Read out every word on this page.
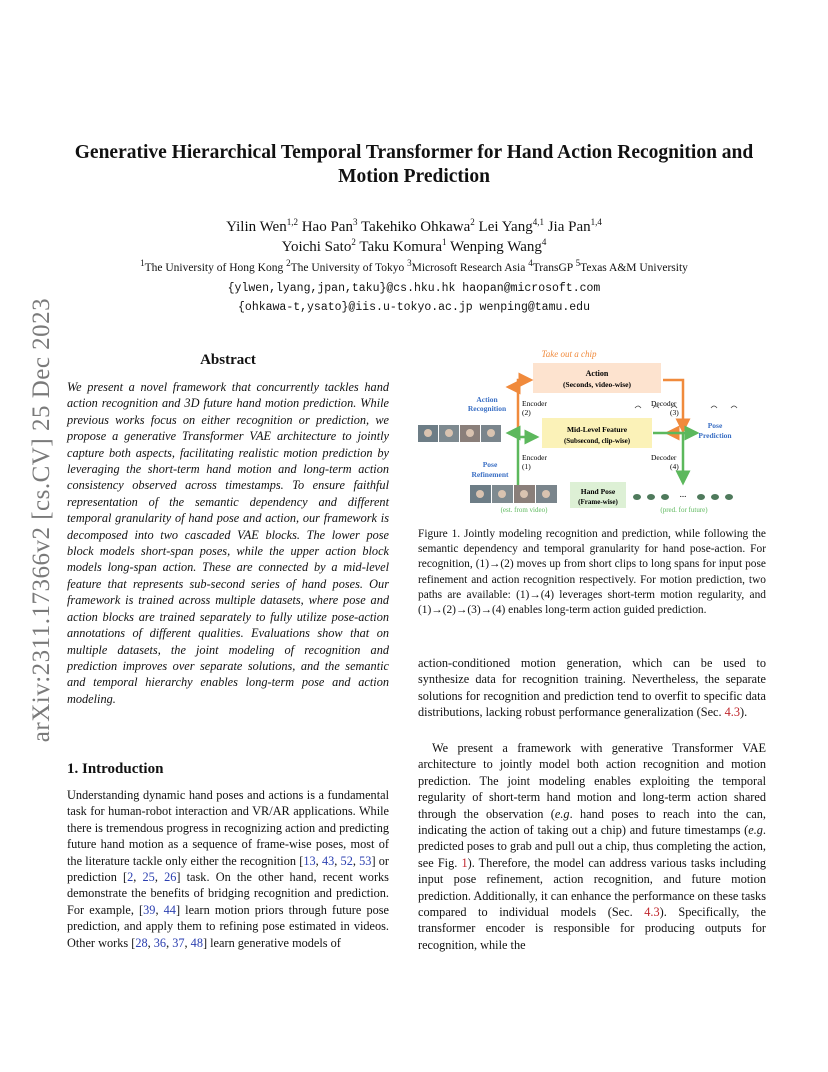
arXiv:2311.17366v2 [cs.CV] 25 Dec 2023
Generative Hierarchical Temporal Transformer for Hand Action Recognition and Motion Prediction
Yilin Wen$^{1,2}$ Hao Pan$^3$ Takehiko Ohkawa$^2$ Lei Yang$^{4,1}$ Jia Pan$^{1,4}$
Yoichi Sato$^2$ Taku Komura$^1$ Wenping Wang$^4$
$^1$The University of Hong Kong $^2$The University of Tokyo $^3$Microsoft Research Asia $^4$TransGP $^5$Texas A&M University
{ylwen,lyang,jpan,taku}@cs.hku.hk haopan@microsoft.com
{ohkawa-t,ysato}@iis.u-tokyo.ac.jp wenping@tamu.edu
Abstract
We present a novel framework that concurrently tackles hand action recognition and 3D future hand motion prediction. While previous works focus on either recognition or prediction, we propose a generative Transformer VAE architecture to jointly capture both aspects, facilitating realistic motion prediction by leveraging the short-term hand motion and long-term action consistency observed across timestamps. To ensure faithful representation of the semantic dependency and different temporal granularity of hand pose and action, our framework is decomposed into two cascaded VAE blocks. The lower pose block models short-span poses, while the upper action block models long-span action. These are connected by a mid-level feature that represents sub-second series of hand poses. Our framework is trained across multiple datasets, where pose and action blocks are trained separately to fully utilize pose-action annotations of different qualities. Evaluations show that on multiple datasets, the joint modeling of recognition and prediction improves over separate solutions, and the semantic and temporal hierarchy enables long-term pose and action modeling.
1. Introduction
Understanding dynamic hand poses and actions is a fundamental task for human-robot interaction and VR/AR applications. While there is tremendous progress in recognizing action and predicting future hand motion as a sequence of frame-wise poses, most of the literature tackle only either the recognition [13, 43, 52, 53] or prediction [2, 25, 26] task. On the other hand, recent works demonstrate the benefits of bridging recognition and prediction. For example, [39, 44] learn motion priors through future pose prediction, and apply them to refining pose estimated in videos. Other works [28, 36, 37, 48] learn generative models of
action-conditioned motion generation, which can be used to synthesize data for recognition training. Nevertheless, the separate solutions for recognition and prediction tend to overfit to specific data distributions, lacking robust performance generalization (Sec. 4.3).
We present a framework with generative Transformer VAE architecture to jointly model both action recognition and motion prediction. The joint modeling enables exploiting the temporal regularity of short-term hand motion and long-term action shared through the observation (e.g. hand poses to reach into the can, indicating the action of taking out a chip) and future timestamps (e.g. predicted poses to grab and pull out a chip, thus completing the action, see Fig. 1). Therefore, the model can address various tasks including input pose refinement, action recognition, and future motion prediction. Additionally, it can enhance the performance on these tasks compared to individual models (Sec. 4.3). Specifically, the transformer encoder is responsible for producing outputs for recognition, while the
Figure 1. Jointly modeling recognition and prediction, while following the semantic dependency and temporal granularity for hand pose-action. For recognition, (1)→(2) moves up from short clips to long spans for input pose refinement and action recognition respectively. For motion prediction, two paths are available: (1)→(4) leverages short-term motion regularity, and (1)→(2)→(3)→(4) enables long-term action guided prediction.
Take out a chip
Action
(Seconds, video-wise)
Mid-Level Feature
(Subsecond, clip-wise)
Hand Pose
(Frame-wise)
Encoder
(2)
Decoder
(3)
Encoder
(1)
Decoder
(4)
Action
Recognition
Pose
Prediction
Pose
Refinement
(est. from video)
...
(pred. for future)
